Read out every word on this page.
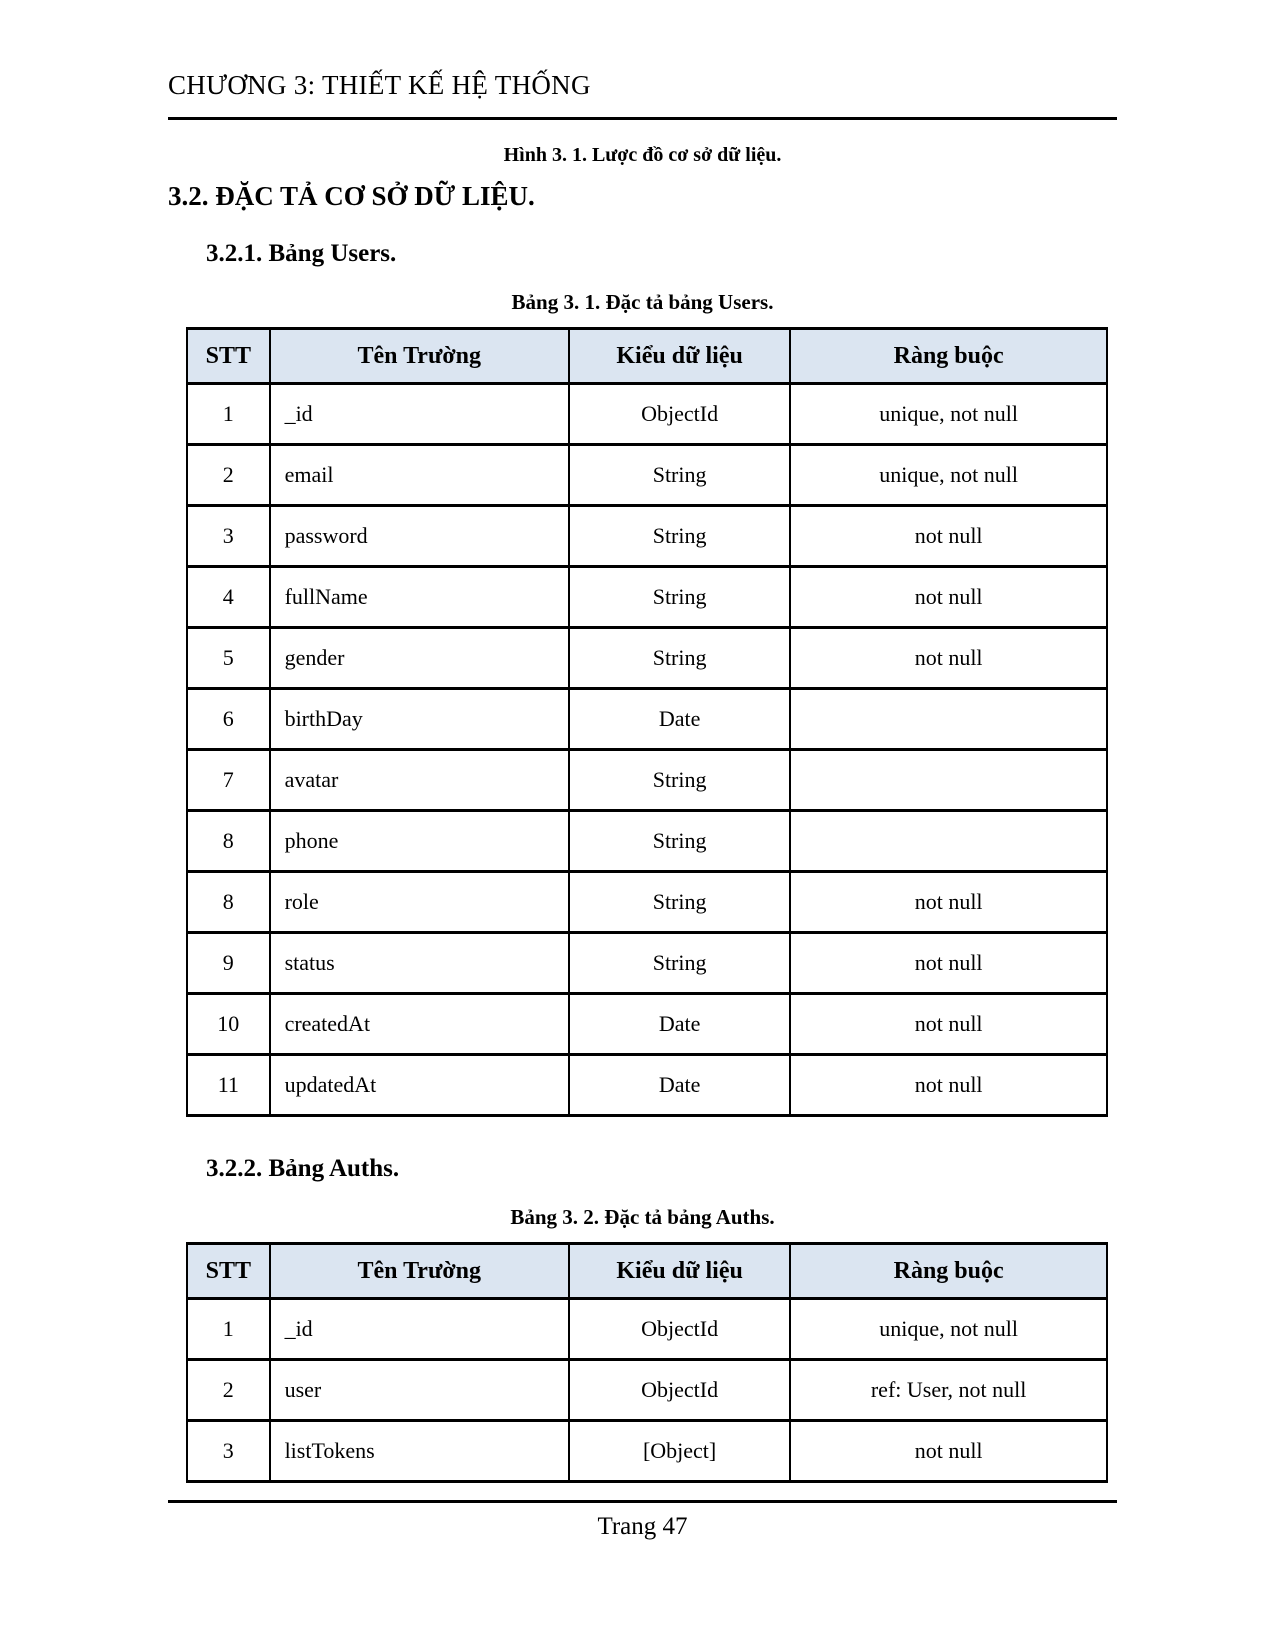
CHƯƠNG 3: THIẾT KẾ HỆ THỐNG
Hình 3. 1. Lược đồ cơ sở dữ liệu.
3.2. ĐẶC TẢ CƠ SỞ DỮ LIỆU.
3.2.1. Bảng Users.
Bảng 3. 1. Đặc tả bảng Users.
STT	Tên Trường	Kiểu dữ liệu	Ràng buộc
1	_id	ObjectId	unique, not null
2	email	String	unique, not null
3	password	String	not null
4	fullName	String	not null
5	gender	String	not null
6	birthDay	Date	
7	avatar	String	
8	phone	String	
8	role	String	not null
9	status	String	not null
10	createdAt	Date	not null
11	updatedAt	Date	not null
3.2.2. Bảng Auths.
Bảng 3. 2. Đặc tả bảng Auths.
STT	Tên Trường	Kiểu dữ liệu	Ràng buộc
1	_id	ObjectId	unique, not null
2	user	ObjectId	ref: User, not null
3	listTokens	[Object]	not null
Trang 47
